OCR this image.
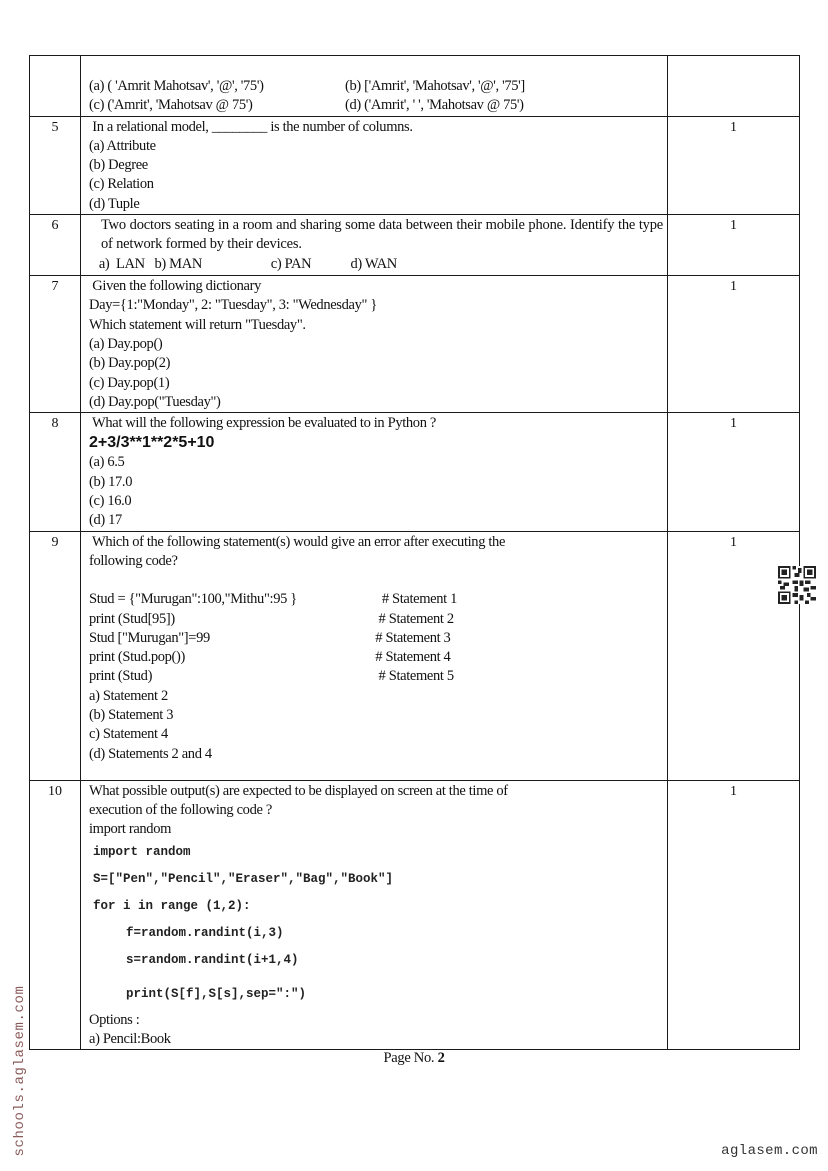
	(a) ( 'Amrit Mahotsav', '@', '75') (b) ['Amrit', 'Mahotsav', '@', '75']
(c) ('Amrit', 'Mahotsav @ 75') (d) ('Amrit', ' ', 'Mahotsav @ 75')	

5	In a relational model, ________ is the number of columns.
(a) Attribute
(b) Degree
(c) Relation
(d) Tuple	1
6	Two doctors seating in a room and sharing some data between their mobile phone. Identify the type of network formed by their devices.
a)  LAN   b) MAN                     c) PAN            d) WAN	1
7	Given the following dictionary
Day={1:"Monday", 2: "Tuesday", 3: "Wednesday" }
Which statement will return "Tuesday".
(a) Day.pop()
(b) Day.pop(2)
(c) Day.pop(1)
(d) Day.pop("Tuesday")
	1
8	What will the following expression be evaluated to in Python ?
2+3/3**1**2*5+10
(a) 6.5
(b) 17.0
(c) 16.0
(d) 17
	1
9	Which of the following statement(s) would give an error after executing the
following code?
Stud = {"Murugan":100,"Mithu":95 }	# Statement 1
print (Stud[95])	# Statement 2
Stud ["Murugan"]=99	# Statement 3
print (Stud.pop())	# Statement 4
print (Stud)	# Statement 5
a) Statement 2
(b) Statement 3
c) Statement 4
(d) Statements 2 and 4
	1
10	What possible output(s) are expected to be displayed on screen at the time of
execution of the following code ?
import random
import random
S=["Pen","Pencil","Eraser","Bag","Book"]
for i in range (1,2):
f=random.randint(i,3)
s=random.randint(i+1,4)
print(S[f],S[s],sep=":")
Options :
a) Pencil:Book
	1
Page No. 2
schools.aglasem.com	aglasem.com
